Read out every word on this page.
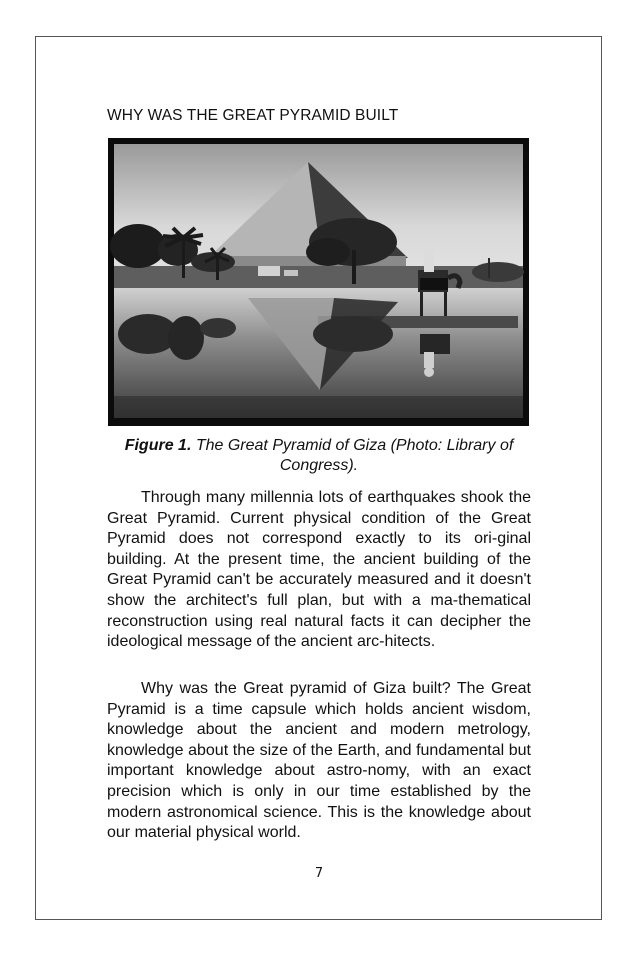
WHY WAS THE GREAT PYRAMID BUILT

Figure 1. The Great Pyramid of Giza (Photo: Library of Congress).

Through many millennia lots of earthquakes shook the Great Pyramid. Current physical condition of the Great Pyramid does not correspond exactly to its ori-ginal building. At the present time, the ancient building of the Great Pyramid can't be accurately measured and it doesn't show the architect's full plan, but with a ma-thematical reconstruction using real natural facts it can decipher the ideological message of the ancient arc-hitects.

Why was the Great pyramid of Giza built? The Great Pyramid is a time capsule which holds ancient wisdom, knowledge about the ancient and modern metrology, knowledge about the size of the Earth, and fundamental but important knowledge about astro-nomy, with an exact precision which is only in our time established by the modern astronomical science. This is the knowledge about our material physical world.

7
